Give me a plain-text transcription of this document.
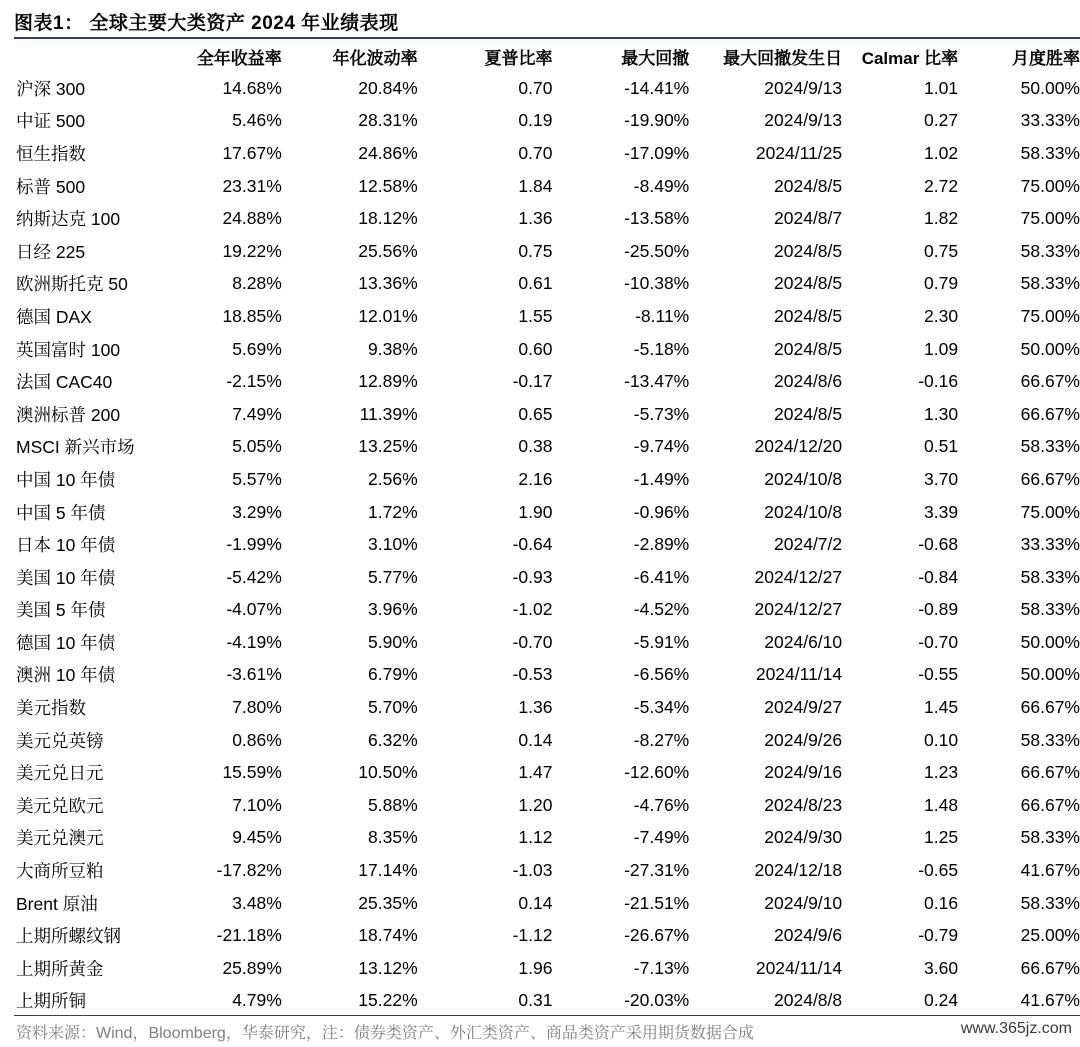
图表1： 全球主要大类资产 2024 年业绩表现
	全年收益率	年化波动率	夏普比率	最大回撤	最大回撤发生日	Calmar 比率	月度胜率
沪深 300	14.68%	20.84%	0.70	-14.41%	2024/9/13	1.01	50.00%
中证 500	5.46%	28.31%	0.19	-19.90%	2024/9/13	0.27	33.33%
恒生指数	17.67%	24.86%	0.70	-17.09%	2024/11/25	1.02	58.33%
标普 500	23.31%	12.58%	1.84	-8.49%	2024/8/5	2.72	75.00%
纳斯达克 100	24.88%	18.12%	1.36	-13.58%	2024/8/7	1.82	75.00%
日经 225	19.22%	25.56%	0.75	-25.50%	2024/8/5	0.75	58.33%
欧洲斯托克 50	8.28%	13.36%	0.61	-10.38%	2024/8/5	0.79	58.33%
德国 DAX	18.85%	12.01%	1.55	-8.11%	2024/8/5	2.30	75.00%
英国富时 100	5.69%	9.38%	0.60	-5.18%	2024/8/5	1.09	50.00%
法国 CAC40	-2.15%	12.89%	-0.17	-13.47%	2024/8/6	-0.16	66.67%
澳洲标普 200	7.49%	11.39%	0.65	-5.73%	2024/8/5	1.30	66.67%
MSCI 新兴市场	5.05%	13.25%	0.38	-9.74%	2024/12/20	0.51	58.33%
中国 10 年债	5.57%	2.56%	2.16	-1.49%	2024/10/8	3.70	66.67%
中国 5 年债	3.29%	1.72%	1.90	-0.96%	2024/10/8	3.39	75.00%
日本 10 年债	-1.99%	3.10%	-0.64	-2.89%	2024/7/2	-0.68	33.33%
美国 10 年债	-5.42%	5.77%	-0.93	-6.41%	2024/12/27	-0.84	58.33%
美国 5 年债	-4.07%	3.96%	-1.02	-4.52%	2024/12/27	-0.89	58.33%
德国 10 年债	-4.19%	5.90%	-0.70	-5.91%	2024/6/10	-0.70	50.00%
澳洲 10 年债	-3.61%	6.79%	-0.53	-6.56%	2024/11/14	-0.55	50.00%
美元指数	7.80%	5.70%	1.36	-5.34%	2024/9/27	1.45	66.67%
美元兑英镑	0.86%	6.32%	0.14	-8.27%	2024/9/26	0.10	58.33%
美元兑日元	15.59%	10.50%	1.47	-12.60%	2024/9/16	1.23	66.67%
美元兑欧元	7.10%	5.88%	1.20	-4.76%	2024/8/23	1.48	66.67%
美元兑澳元	9.45%	8.35%	1.12	-7.49%	2024/9/30	1.25	58.33%
大商所豆粕	-17.82%	17.14%	-1.03	-27.31%	2024/12/18	-0.65	41.67%
Brent 原油	3.48%	25.35%	0.14	-21.51%	2024/9/10	0.16	58.33%
上期所螺纹钢	-21.18%	18.74%	-1.12	-26.67%	2024/9/6	-0.79	25.00%
上期所黄金	25.89%	13.12%	1.96	-7.13%	2024/11/14	3.60	66.67%
上期所铜	4.79%	15.22%	0.31	-20.03%	2024/8/8	0.24	41.67%
资料来源：Wind，Bloomberg，华泰研究，注：债券类资产、外汇类资产、商品类资产采用期货数据合成	www.365jz.com
